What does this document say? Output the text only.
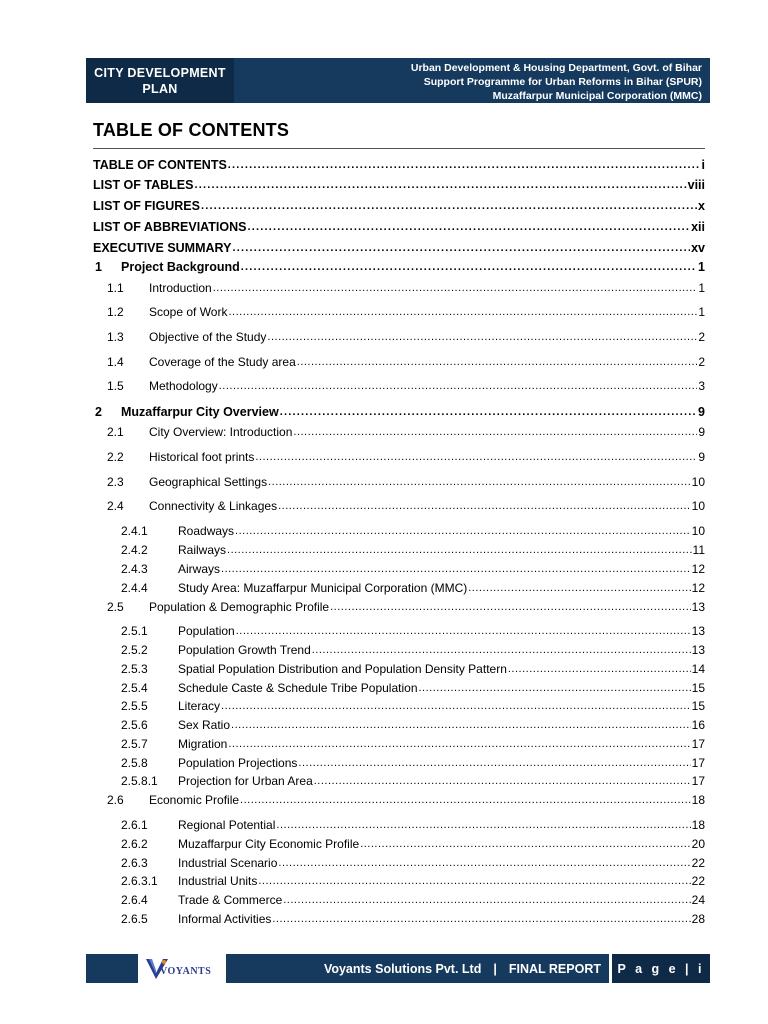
CITY DEVELOPMENT
PLAN
Urban Development & Housing Department, Govt. of Bihar
Support Programme for Urban Reforms in Bihar (SPUR)
Muzaffarpur Municipal Corporation (MMC)
TABLE OF CONTENTS
TABLE OF CONTENTS .....	i
LIST OF TABLES .....	viii
LIST OF FIGURES .....	x
LIST OF ABBREVIATIONS .....	xii
EXECUTIVE SUMMARY .....	xv
1	Project Background .....	1
1.1	Introduction .....	1
1.2	Scope of Work .....	1
1.3	Objective of the Study .....	2
1.4	Coverage of the Study area .....	2
1.5	Methodology .....	3
2	Muzaffarpur City Overview .....	9
2.1	City Overview: Introduction .....	9
2.2	Historical foot prints .....	9
2.3	Geographical Settings .....	10
2.4	Connectivity & Linkages .....	10
2.4.1	Roadways .....	10
2.4.2	Railways .....	11
2.4.3	Airways .....	12
2.4.4	Study Area: Muzaffarpur Municipal Corporation (MMC) .....	12
2.5	Population & Demographic Profile .....	13
2.5.1	Population .....	13
2.5.2	Population Growth Trend .....	13
2.5.3	Spatial Population Distribution and Population Density Pattern .....	14
2.5.4	Schedule Caste & Schedule Tribe Population .....	15
2.5.5	Literacy .....	15
2.5.6	Sex Ratio .....	16
2.5.7	Migration .....	17
2.5.8	Population Projections .....	17
2.5.8.1	Projection for Urban Area .....	17
2.6	Economic Profile .....	18
2.6.1	Regional Potential .....	18
2.6.2	Muzaffarpur City Economic Profile .....	20
2.6.3	Industrial Scenario .....	22
2.6.3.1	Industrial Units .....	22
2.6.4	Trade & Commerce .....	24
2.6.5	Informal Activities .....	28
VOYANTS	Voyants Solutions Pvt. Ltd | FINAL REPORT	P a g e | i
